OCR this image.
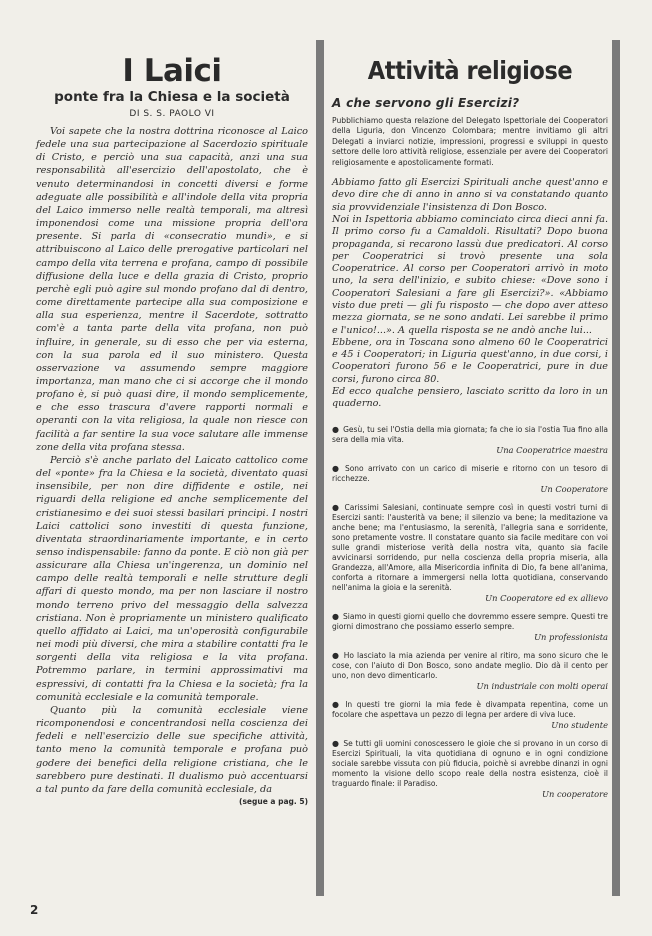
I Laici
ponte fra la Chiesa e la società
DI S. S. PAOLO VI

Voi sapete che la nostra dottrina riconosce al Laico fedele una sua partecipazione al Sacerdozio spirituale di Cristo, e perciò una sua capacità, anzi una sua responsabilità all'esercizio dell'apostolato, che è venuto determinandosi in concetti diversi e forme adeguate alle possibilità e all'indole della vita propria del Laico immerso nelle realtà temporali, ma altresì imponendosi come una missione propria dell'ora presente. Si parla di «consecratio mundi», e si attribuiscono al Laico delle prerogative particolari nel campo della vita terrena e profana, campo di possibile diffusione della luce e della grazia di Cristo, proprio perchè egli può agire sul mondo profano dal di dentro, come direttamente partecipe alla sua composizione e alla sua esperienza, mentre il Sacerdote, sottratto com'è a tanta parte della vita profana, non può influire, in generale, su di esso che per via esterna, con la sua parola ed il suo ministero. Questa osservazione va assumendo sempre maggiore importanza, man mano che ci si accorge che il mondo profano è, si può quasi dire, il mondo semplicemente, e che esso trascura d'avere rapporti normali e operanti con la vita religiosa, la quale non riesce con facilità a far sentire la sua voce salutare alle immense zone della vita profana stessa.

Perciò s'è anche parlato del Laicato cattolico come del «ponte» fra la Chiesa e la società, diventato quasi insensibile, per non dire diffidente e ostile, nei riguardi della religione ed anche semplicemente del cristianesimo e dei suoi stessi basilari principi. I nostri Laici cattolici sono investiti di questa funzione, diventata straordinariamente importante, e in certo senso indispensabile: fanno da ponte. E ciò non già per assicurare alla Chiesa un'ingerenza, un dominio nel campo delle realtà temporali e nelle strutture degli affari di questo mondo, ma per non lasciare il nostro mondo terreno privo del messaggio della salvezza cristiana. Non è propriamente un ministero qualificato quello affidato ai Laici, ma un'operosità configurabile nei modi più diversi, che mira a stabilire contatti fra le sorgenti della vita religiosa e la vita profana. Potremmo parlare, in termini approssimativi ma espressivi, di contatti fra la Chiesa e la società; fra la comunità ecclesiale e la comunità temporale.

Quanto più la comunità ecclesiale viene ricomponendosi e concentrandosi nella coscienza dei fedeli e nell'esercizio delle sue specifiche attività, tanto meno la comunità temporale e profana può godere dei benefici della religione cristiana, che le sarebbero pure destinati. Il dualismo può accentuarsi a tal punto da fare della comunità ecclesiale, da

(segue a pag. 5)
2
Attività religiose
A che servono gli Esercizi?
Pubblichiamo questa relazione del Delegato Ispettoriale dei Cooperatori della Liguria, don Vincenzo Colombara; mentre invitiamo gli altri Delegati a inviarci notizie, impressioni, progressi e sviluppi in questo settore delle loro attività religiose, essenziale per avere dei Cooperatori religiosamente e apostolicamente formati.

Abbiamo fatto gli Esercizi Spirituali anche quest'anno e devo dire che di anno in anno si va constatando quanto sia provvidenziale l'insistenza di Don Bosco.

Noi in Ispettoria abbiamo cominciato circa dieci anni fa. Il primo corso fu a Camaldoli. Risultati? Dopo buona propaganda, si recarono lassù due predicatori. Al corso per Cooperatrici si trovò presente una sola Cooperatrice. Al corso per Cooperatori arrivò in moto uno, la sera dell'inizio, e subito chiese: «Dove sono i Cooperatori Salesiani a fare gli Esercizi?». «Abbiamo visto due preti — gli fu risposto — che dopo aver atteso mezza giornata, se ne sono andati. Lei sarebbe il primo e l'unico!...». A quella risposta se ne andò anche lui...

Ebbene, ora in Toscana sono almeno 60 le Cooperatrici e 45 i Cooperatori; in Liguria quest'anno, in due corsi, i Cooperatori furono 56 e le Cooperatrici, pure in due corsi, furono circa 80.

Ed ecco qualche pensiero, lasciato scritto da loro in un quaderno.

● Gesù, tu sei l'Ostia della mia giornata; fa che io sia l'ostia Tua fino alla sera della mia vita.
Una Cooperatrice maestra
● Sono arrivato con un carico di miserie e ritorno con un tesoro di ricchezze.
Un Cooperatore
● Carissimi Salesiani, continuate sempre così in questi vostri turni di Esercizi santi: l'austerità va bene; il silenzio va bene; la meditazione va anche bene; ma l'entusiasmo, la serenità, l'allegria sana e sorridente, sono pretamente vostre. Il constatare quanto sia facile meditare con voi sulle grandi misteriose verità della nostra vita, quanto sia facile avvicinarsi sorridendo, pur nella coscienza della propria miseria, alla Grandezza, all'Amore, alla Misericordia infinita di Dio, fa bene all'anima, conforta a ritornare a immergersi nella lotta quotidiana, conservando nell'anima la gioia e la serenità.
Un Cooperatore ed ex allievo
● Siamo in questi giorni quello che dovremmo essere sempre. Questi tre giorni dimostrano che possiamo esserlo sempre.
Un professionista
● Ho lasciato la mia azienda per venire al ritiro, ma sono sicuro che le cose, con l'aiuto di Don Bosco, sono andate meglio. Dio dà il cento per uno, non devo dimenticarlo.
Un industriale con molti operai
● In questi tre giorni la mia fede è divampata repentina, come un focolare che aspettava un pezzo di legna per ardere di viva luce.
Uno studente
● Se tutti gli uomini conoscessero le gioie che si provano in un corso di Esercizi Spirituali, la vita quotidiana di ognuno e in ogni condizione sociale sarebbe vissuta con più fiducia, poichè si avrebbe dinanzi in ogni momento la visione dello scopo reale della nostra esistenza, cioè il traguardo finale: il Paradiso.
Un cooperatore
